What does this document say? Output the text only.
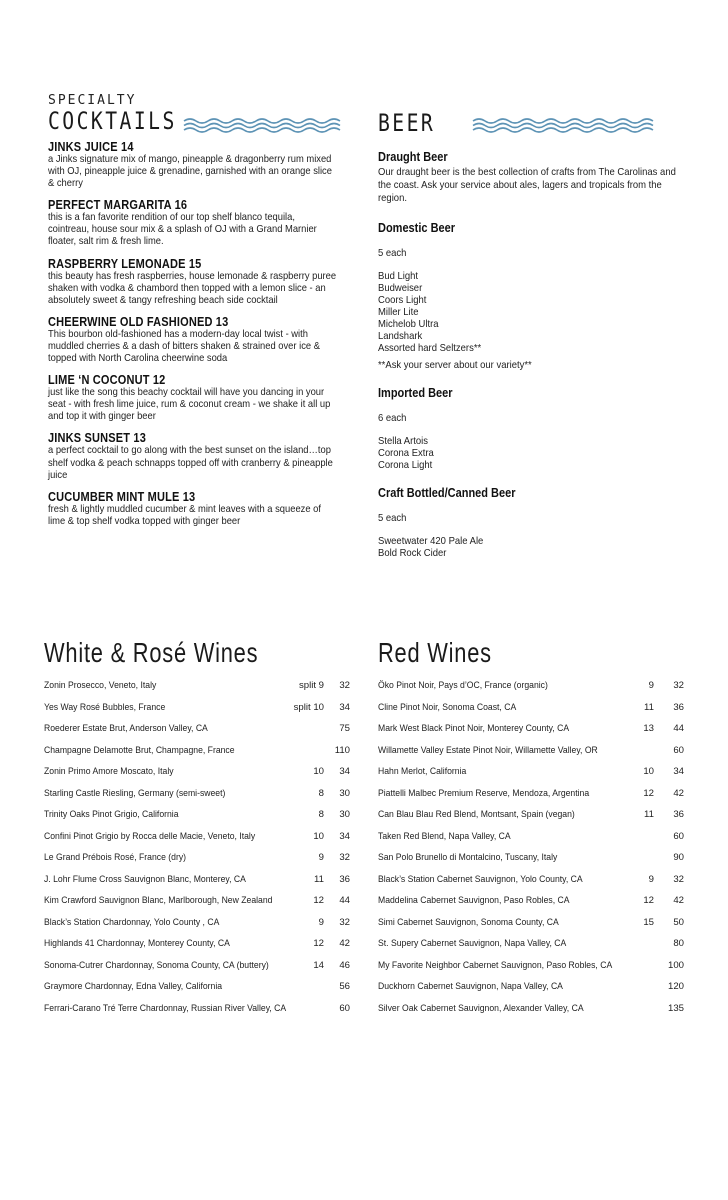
SPECIALTY
COCKTAILS
JINKS JUICE 14
a Jinks signature mix of mango, pineapple & dragonberry rum mixed with OJ, pineapple juice & grenadine, garnished with an orange slice & cherry
PERFECT MARGARITA 16
this is a fan favorite rendition of our top shelf blanco tequila, cointreau, house sour mix & a splash of OJ with a Grand Marnier floater, salt rim & fresh lime.
RASPBERRY LEMONADE 15
this beauty has fresh raspberries, house lemonade & raspberry puree shaken with vodka & chambord then topped with a lemon slice - an absolutely sweet & tangy refreshing beach side cocktail
CHEERWINE OLD FASHIONED 13
This bourbon old-fashioned has a modern-day local twist - with muddled cherries & a dash of bitters shaken & strained over ice & topped with North Carolina cheerwine soda
LIME ‘N COCONUT 12
just like the song this beachy cocktail will have you dancing in your seat - with fresh lime juice, rum & coconut cream - we shake it all up and top it with ginger beer
JINKS SUNSET 13
a perfect cocktail to go along with the best sunset on the island…top shelf vodka & peach schnapps topped off with cranberry & pineapple juice
CUCUMBER MINT MULE 13
fresh & lightly muddled cucumber & mint leaves with a squeeze of lime & top shelf vodka topped with ginger beer
BEER
Draught Beer
Our draught beer is the best collection of crafts from The Carolinas and the coast. Ask your service about ales, lagers and tropicals from the region.
Domestic Beer
5 each
Bud Light
Budweiser
Coors Light
Miller Lite
Michelob Ultra
Landshark
Assorted hard Seltzers**
**Ask your server about our variety**
Imported Beer
6 each
Stella Artois
Corona Extra
Corona Light
Craft Bottled/Canned Beer
5 each
Sweetwater 420 Pale Ale
Bold Rock Cider
White & Rosé Wines
Zonin Prosecco, Veneto, Italy	split 9 32
Yes Way Rosé Bubbles, France	split 10 34
Roederer Estate Brut, Anderson Valley, CA	75
Champagne Delamotte Brut, Champagne, France	110
Zonin Primo Amore Moscato, Italy	10 34
Starling Castle Riesling, Germany (semi-sweet)	8 30
Trinity Oaks Pinot Grigio, California	8 30
Confini Pinot Grigio by Rocca delle Macie, Veneto, Italy	10 34
Le Grand Prébois Rosé, France (dry)	9 32
J. Lohr Flume Cross Sauvignon Blanc, Monterey, CA	11 36
Kim Crawford Sauvignon Blanc, Marlborough, New Zealand	12 44
Black’s Station Chardonnay, Yolo County , CA	9 32
Highlands 41 Chardonnay, Monterey County, CA	12 42
Sonoma-Cutrer Chardonnay, Sonoma County, CA (buttery)	14 46
Graymore Chardonnay, Edna Valley, California	56
Ferrari-Carano Tré Terre Chardonnay, Russian River Valley, CA	60
Red Wines
Öko Pinot Noir, Pays d’OC, France (organic)	9 32
Cline Pinot Noir, Sonoma Coast, CA	11 36
Mark West Black Pinot Noir, Monterey County, CA	13 44
Willamette Valley Estate Pinot Noir, Willamette Valley, OR	60
Hahn Merlot, California	10 34
Piattelli Malbec Premium Reserve, Mendoza, Argentina	12 42
Can Blau Blau Red Blend, Montsant, Spain (vegan)	11 36
Taken Red Blend, Napa Valley, CA	60
San Polo Brunello di Montalcino, Tuscany, Italy	90
Black’s Station Cabernet Sauvignon, Yolo County, CA	9 32
Maddelina Cabernet Sauvignon, Paso Robles, CA	12 42
Simi Cabernet Sauvignon, Sonoma County, CA	15 50
St. Supery Cabernet Sauvignon, Napa Valley, CA	80
My Favorite Neighbor Cabernet Sauvignon, Paso Robles, CA	100
Duckhorn Cabernet Sauvignon, Napa Valley, CA	120
Silver Oak Cabernet Sauvignon, Alexander Valley, CA	135
